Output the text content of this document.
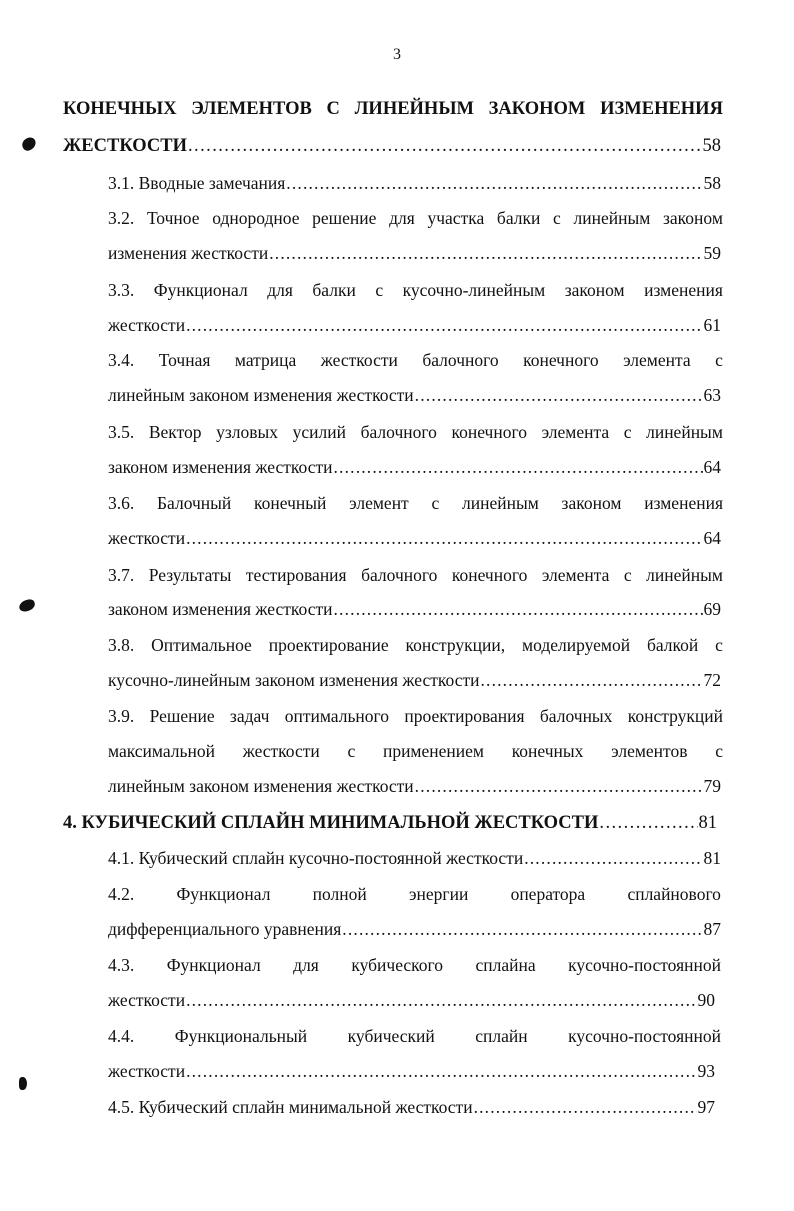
3
КОНЕЧНЫХ ЭЛЕМЕНТОВ С ЛИНЕЙНЫМ ЗАКОНОМ ИЗМЕНЕНИЯ
ЖЕСТКОСТИ . . .	58
3.1. Вводные замечания . . .	58
3.2. Точное однородное решение для участка балки с линейным законом
изменения жесткости . . .	59
3.3. Функционал для балки с кусочно-линейным законом изменения
жесткости . . .	61
3.4. Точная матрица жесткости балочного конечного элемента с
линейным законом изменения жесткости . . .	63
3.5. Вектор узловых усилий балочного конечного элемента с линейным
законом изменения жесткости . . .	64
3.6. Балочный конечный элемент с линейным законом изменения
жесткости . . .	64
3.7. Результаты тестирования балочного конечного элемента с линейным
законом изменения жесткости . . .	69
3.8. Оптимальное проектирование конструкции, моделируемой балкой с
кусочно-линейным законом изменения жесткости . . .	72
3.9. Решение задач оптимального проектирования балочных конструкций
максимальной жесткости с применением конечных элементов с
линейным законом изменения жесткости . . .	79
4. КУБИЧЕСКИЙ СПЛАЙН МИНИМАЛЬНОЙ ЖЕСТКОСТИ . . .	81
4.1. Кубический сплайн кусочно-постоянной жесткости . . .	81
4.2. Функционал полной энергии оператора сплайнового
дифференциального уравнения . . .	87
4.3. Функционал для кубического сплайна кусочно-постоянной
жесткости . . .	90
4.4. Функциональный кубический сплайн кусочно-постоянной
жесткости . . .	93
4.5. Кубический сплайн минимальной жесткости . . .	97
